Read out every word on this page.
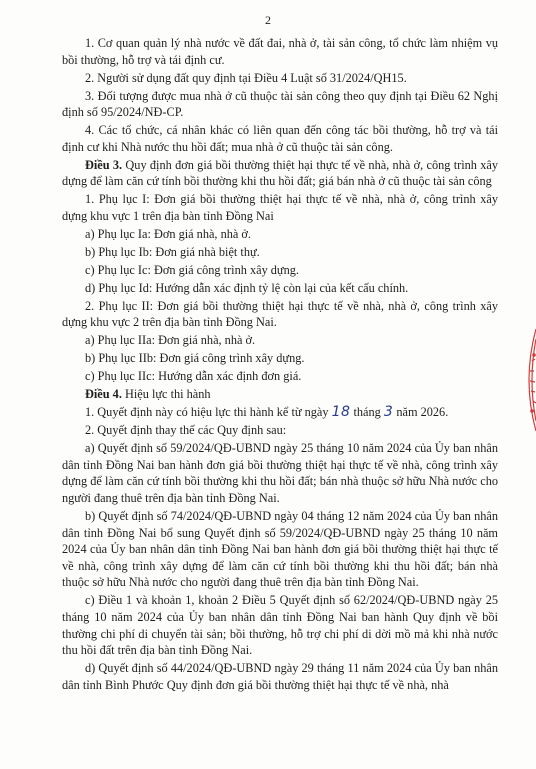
2

1. Cơ quan quản lý nhà nước về đất đai, nhà ở, tài sản công, tổ chức làm nhiệm vụ bồi thường, hỗ trợ và tái định cư.

2. Người sử dụng đất quy định tại Điều 4 Luật số 31/2024/QH15.

3. Đối tượng được mua nhà ở cũ thuộc tài sản công theo quy định tại Điều 62 Nghị định số 95/2024/NĐ-CP.

4. Các tổ chức, cá nhân khác có liên quan đến công tác bồi thường, hỗ trợ và tái định cư khi Nhà nước thu hồi đất; mua nhà ở cũ thuộc tài sản công.

Điều 3. Quy định đơn giá bồi thường thiệt hại thực tế về nhà, nhà ở, công trình xây dựng để làm căn cứ tính bồi thường khi thu hồi đất; giá bán nhà ở cũ thuộc tài sản công

1. Phụ lục I: Đơn giá bồi thường thiệt hại thực tế về nhà, nhà ở, công trình xây dựng khu vực 1 trên địa bàn tỉnh Đồng Nai

a) Phụ lục Ia: Đơn giá nhà, nhà ở.

b) Phụ lục Ib: Đơn giá nhà biệt thự.

c) Phụ lục Ic: Đơn giá công trình xây dựng.

d) Phụ lục Id: Hướng dẫn xác định tỷ lệ còn lại của kết cấu chính.

2. Phụ lục II: Đơn giá bồi thường thiệt hại thực tế về nhà, nhà ở, công trình xây dựng khu vực 2 trên địa bàn tỉnh Đồng Nai.

a) Phụ lục IIa: Đơn giá nhà, nhà ở.

b) Phụ lục IIb: Đơn giá công trình xây dựng.

c) Phụ lục IIc: Hướng dẫn xác định đơn giá.

Điều 4. Hiệu lực thi hành

1. Quyết định này có hiệu lực thi hành kể từ ngày 18 tháng 3 năm 2026.

2. Quyết định thay thế các Quy định sau:

a) Quyết định số 59/2024/QĐ-UBND ngày 25 tháng 10 năm 2024 của Ủy ban nhân dân tỉnh Đồng Nai ban hành đơn giá bồi thường thiệt hại thực tế về nhà, công trình xây dựng để làm căn cứ tính bồi thường khi thu hồi đất; bán nhà thuộc sở hữu Nhà nước cho người đang thuê trên địa bàn tỉnh Đồng Nai.

b) Quyết định số 74/2024/QĐ-UBND ngày 04 tháng 12 năm 2024 của Ủy ban nhân dân tỉnh Đồng Nai bổ sung Quyết định số 59/2024/QĐ-UBND ngày 25 tháng 10 năm 2024 của Ủy ban nhân dân tỉnh Đồng Nai ban hành đơn giá bồi thường thiệt hại thực tế về nhà, công trình xây dựng để làm căn cứ tính bồi thường khi thu hồi đất; bán nhà thuộc sở hữu Nhà nước cho người đang thuê trên địa bàn tỉnh Đồng Nai.

c) Điều 1 và khoản 1, khoản 2 Điều 5 Quyết định số 62/2024/QĐ-UBND ngày 25 tháng 10 năm 2024 của Ủy ban nhân dân tỉnh Đồng Nai ban hành Quy định về bồi thường chi phí di chuyển tài sản; bồi thường, hỗ trợ chi phí di dời mồ mả khi nhà nước thu hồi đất trên địa bàn tỉnh Đồng Nai.

d) Quyết định số 44/2024/QĐ-UBND ngày 29 tháng 11 năm 2024 của Ủy ban nhân dân tỉnh Bình Phước Quy định đơn giá bồi thường thiệt hại thực tế về nhà, nhà
